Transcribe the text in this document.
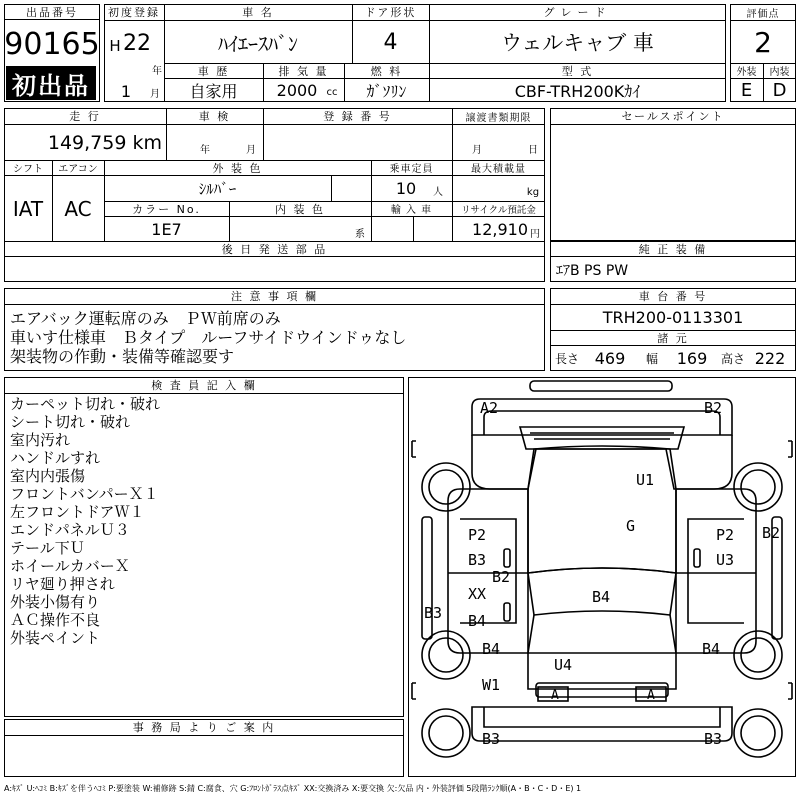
出品番号
90165
初出品
初度登録
H 22
年
1	月
車 名
ﾊｲｴｰｽﾊﾞﾝ
ドア形状
4
グレード
ウェルキャブ 車
車 歴
自家用
排 気 量
2000 cc
燃 料
ｶﾞｿﾘﾝ
型 式
CBF-TRH200Kｶｲ
評価点
2
外装	内装
E	D
走 行
149,759 km
車 検
年	月
登 録 番 号	譲渡書類期限
月	日
シフト	エアコン
IAT	AC
外 装 色
ｼﾙﾊﾞｰ
乗車定員
10	人
最大積載量
kg
カラー No.
1E7
内 装 色
系
輸 入 車	リサイクル預託金
12,910 円
後 日 発 送 部 品
セールスポイント
純 正 装 備
ｴｱB PS PW
注 意 事 項 欄
エアバック運転席のみ　ＰＷ前席のみ
車いす仕様車　Ｂタイプ　ルーフサイドウインドゥなし
架装物の作動・装備等確認要す
車 台 番 号
TRH200-0113301
諸 元
長さ 469	幅 169	高さ 222
検 査 員 記 入 欄
カーペット切れ・破れ
シート切れ・破れ
室内汚れ
ハンドルすれ
室内内張傷
フロントバンパーＸ１
左フロントドアＷ１
エンドパネルＵ３
テール下Ｕ
ホイールカバーＸ
リヤ廻り押され
外装小傷有り
ＡＣ操作不良
外装ペイント
事 務 局 よ り ご 案 内
A2	B2
U1
G
P2	P2 B2
B3	U3
B2
XX	B4
B3 B4
B4	B4
U4
W1
A	A
B3	B3
A:ｷｽﾞ U:ﾍｺﾐ B:ｷｽﾞを伴うﾍｺﾐ P:要塗装 W:補修跡 S:錆 C:腐食、穴 G:ﾌﾛﾝﾄｶﾞﾗｽ点ｷｽﾞ XX:交換済み X:要交換 欠:欠品 内・外装評価 5段階ﾗﾝｸ順(A・B・C・D・E) 1
